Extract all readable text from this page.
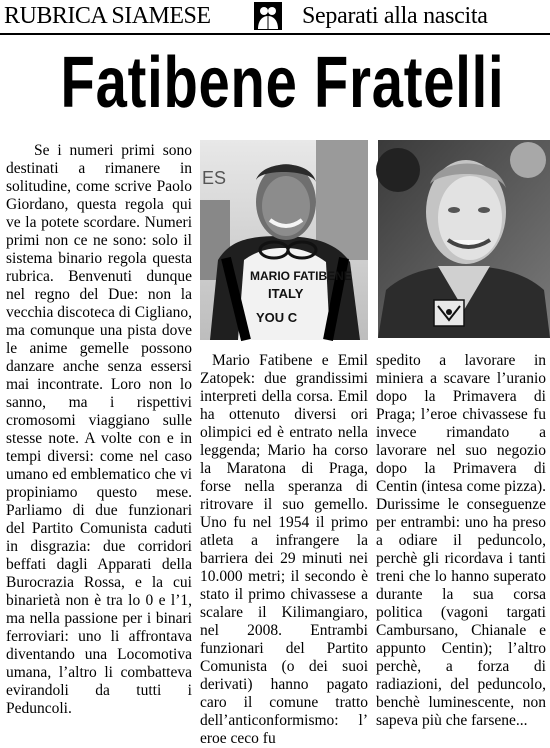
RUBRICA SIAMESE	Separati alla nascita
Fatibene Fratelli

Se i numeri primi sono destinati a rimanere in solitudine, come scrive Paolo Giordano, questa regola qui ve la potete scordare. Numeri primi non ce ne sono: solo il sistema binario regola questa rubrica. Benvenuti dunque nel regno del Due: non la vecchia discoteca di Cigliano, ma comunque una pista dove le anime gemelle possono danzare anche senza essersi mai incontrate. Loro non lo sanno, ma i rispettivi cromosomi viaggiano sulle stesse note. A volte con e in tempi diversi: come nel caso umano ed emblematico che vi propiniamo questo mese. Parliamo di due funzionari del Partito Comunista caduti in disgrazia: due corridori beffati dagli Apparati della Burocrazia Rossa, e la cui binarietà non è tra lo 0 e l’1, ma nella passione per i binari ferroviari: uno li affrontava diventando una Locomotiva umana, l’altro li combatteva evirandoli da tutti i Peduncoli.

ES
MARIO FATIBENE
ITALY
YOU C

Mario Fatibene e Emil Zatopek: due grandissimi interpreti della corsa. Emil ha ottenuto diversi ori olimpici ed è entrato nella leggenda; Mario ha corso la Maratona di Praga, forse nella speranza di ritrovare il suo gemello. Uno fu nel 1954 il primo atleta a infrangere la barriera dei 29 minuti nei 10.000 metri; il secondo è stato il primo chivassese a scalare il Kilimangiaro, nel 2008. Entrambi funzionari del Partito Comunista (o dei suoi derivati) hanno pagato caro il comune tratto dell’anticonformismo: l’ eroe ceco fu

spedito a lavorare in miniera a scavare l’uranio dopo la Primavera di Praga; l’eroe chivassese fu invece rimandato a lavorare nel suo negozio dopo la Primavera di Centin (intesa come pizza). Durissime le conseguenze per entrambi: uno ha preso a odiare il peduncolo, perchè gli ricordava i tanti treni che lo hanno superato durante la sua corsa politica (vagoni targati Cambursano, Chianale e appunto Centin); l’altro perchè, a forza di radiazioni, del peduncolo, benchè luminescente, non sapeva più che farsene...
